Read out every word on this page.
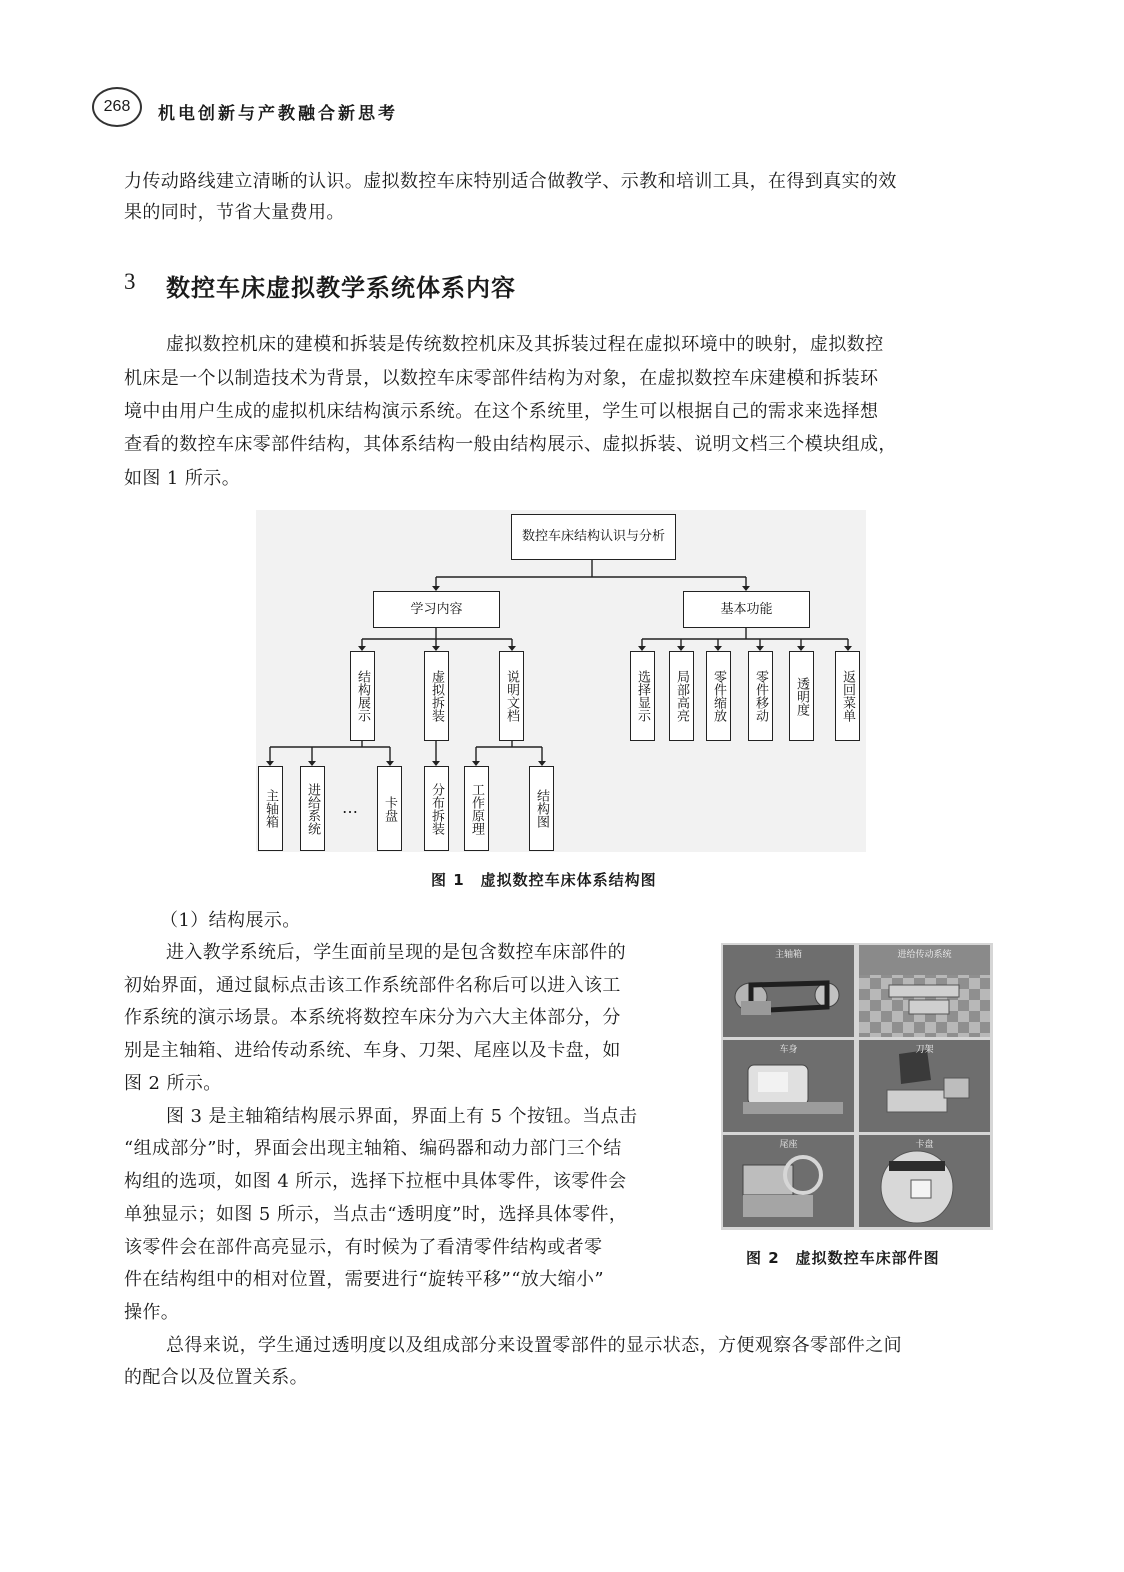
268	机电创新与产教融合新思考
力传动路线建立清晰的认识。虚拟数控车床特别适合做教学、示教和培训工具，在得到真实的效
果的同时，节省大量费用。
3 数控车床虚拟教学系统体系内容
虚拟数控机床的建模和拆装是传统数控机床及其拆装过程在虚拟环境中的映射，虚拟数控
机床是一个以制造技术为背景，以数控车床零部件结构为对象，在虚拟数控车床建模和拆装环
境中由用户生成的虚拟机床结构演示系统。在这个系统里，学生可以根据自己的需求来选择想
查看的数控车床零部件结构，其体系结构一般由结构展示、虚拟拆装、说明文档三个模块组成，
如图 1 所示。
数控车床结构认识与分析
学习内容	基本功能
结构展示	虚拟拆装	说明文档	选择显示	局部高亮	零件缩放	零件移动	透明度	返回菜单
主轴箱	进给系统	…	卡盘	分布拆装	工作原理	结构图
图 1　虚拟数控车床体系结构图
（1）结构展示。
进入教学系统后，学生面前呈现的是包含数控车床部件的
初始界面，通过鼠标点击该工作系统部件名称后可以进入该工
作系统的演示场景。本系统将数控车床分为六大主体部分，分
别是主轴箱、进给传动系统、车身、刀架、尾座以及卡盘，如
图 2 所示。
图 3 是主轴箱结构展示界面，界面上有 5 个按钮。当点击
“组成部分”时，界面会出现主轴箱、编码器和动力部门三个结
构组的选项，如图 4 所示，选择下拉框中具体零件，该零件会
单独显示；如图 5 所示，当点击“透明度”时，选择具体零件，
该零件会在部件高亮显示，有时候为了看清零件结构或者零
件在结构组中的相对位置，需要进行“旋转平移”“放大缩小”
操作。
主轴箱	进给传动系统
车身	刀架
尾座	卡盘
图 2　虚拟数控车床部件图
总得来说，学生通过透明度以及组成部分来设置零部件的显示状态，方便观察各零部件之间
的配合以及位置关系。
